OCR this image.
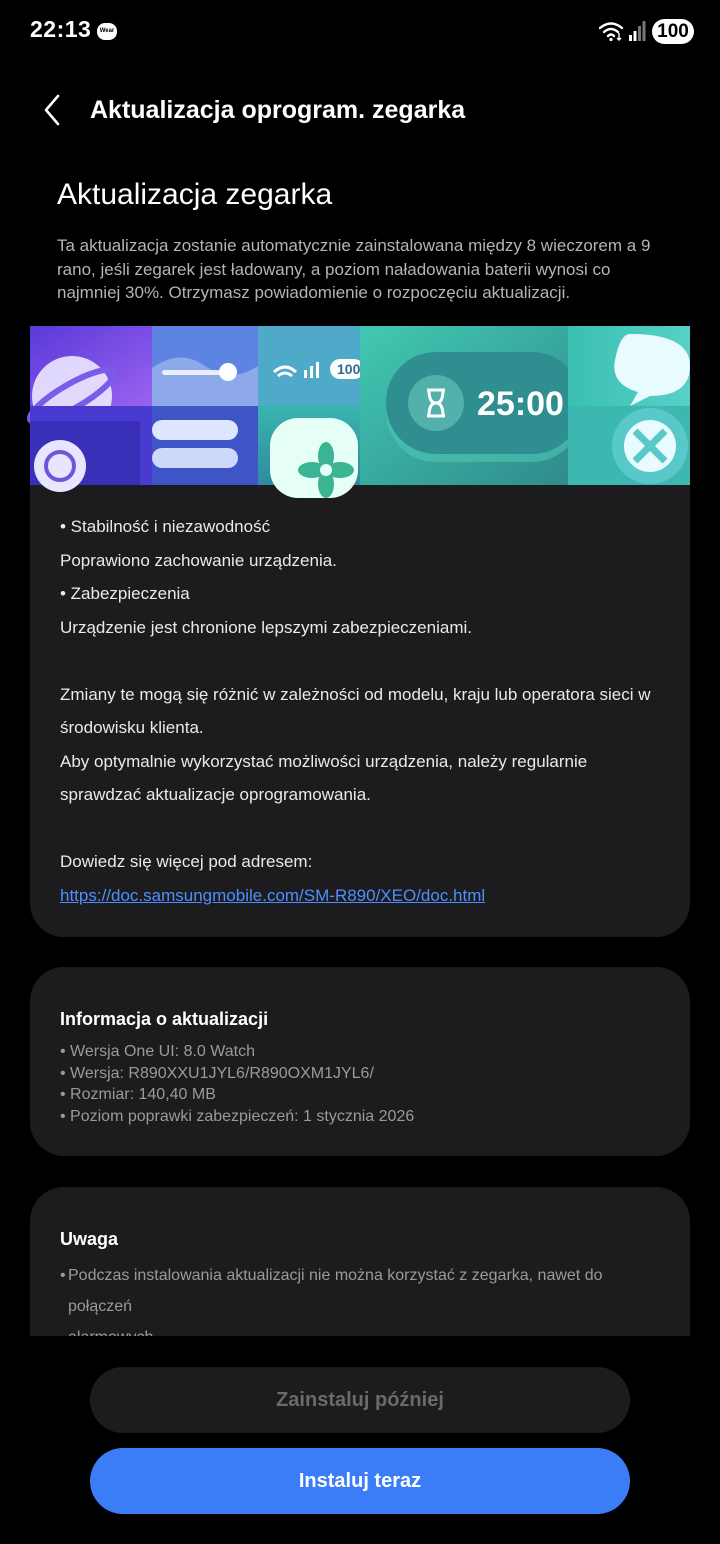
22:13	Wear	100
Aktualizacja oprogram. zegarka
Aktualizacja zegarka
Ta aktualizacja zostanie automatycznie zainstalowana między 8 wieczorem a 9 rano, jeśli zegarek jest ładowany, a poziom naładowania baterii wynosi co najmniej 30%. Otrzymasz powiadomienie o rozpoczęciu aktualizacji.
100
25:00

• Stabilność i niezawodność

Poprawiono zachowanie urządzenia.

• Zabezpieczenia

Urządzenie jest chronione lepszymi zabezpieczeniami.

Zmiany te mogą się różnić w zależności od modelu, kraju lub operatora sieci w

środowisku klienta.

Aby optymalnie wykorzystać możliwości urządzenia, należy regularnie

sprawdzać aktualizacje oprogramowania.

Dowiedz się więcej pod adresem:

https://doc.samsungmobile.com/SM-R890/XEO/doc.html

Informacja o aktualizacji
• Wersja One UI: 8.0 Watch
• Wersja: R890XXU1JYL6/R890OXM1JYL6/
• Rozmiar: 140,40 MB
• Poziom poprawki zabezpieczeń: 1 stycznia 2026
Uwaga
• Podczas instalowania aktualizacji nie można korzystać z zegarka, nawet do połączeń
Zainstaluj później
Instaluj teraz
